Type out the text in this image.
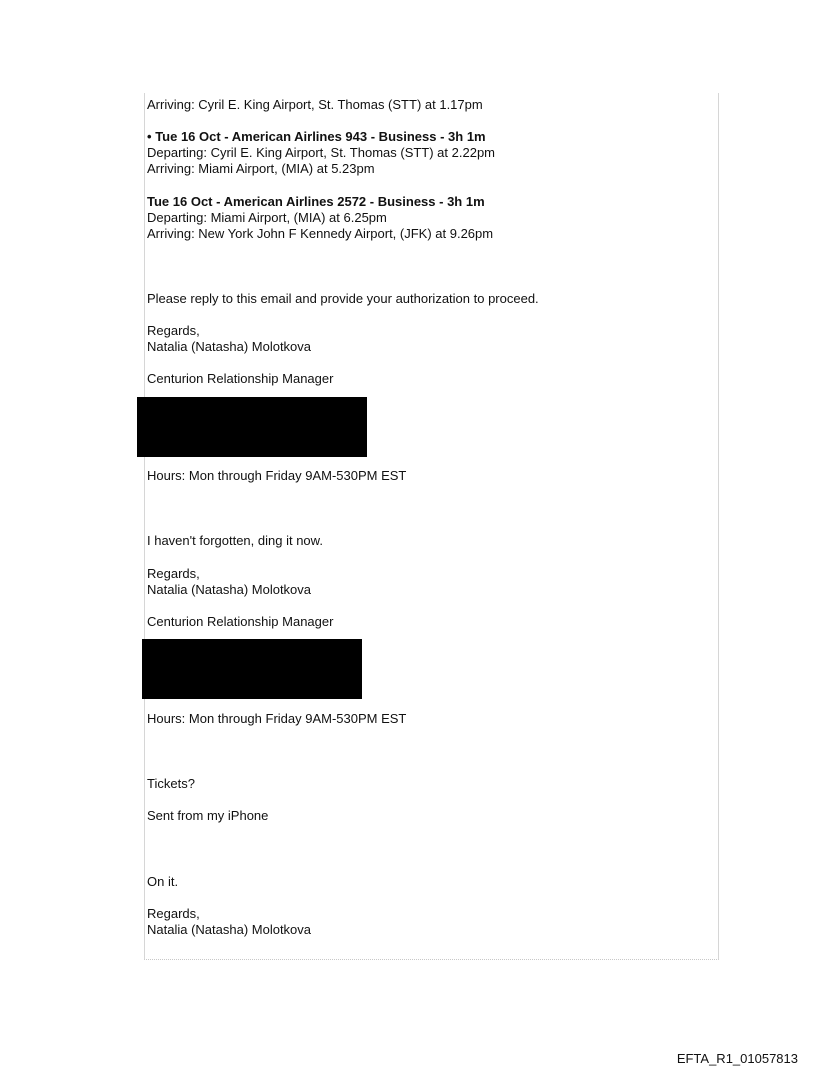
Arriving: Cyril E. King Airport, St. Thomas (STT) at 1.17pm
• Tue 16 Oct - American Airlines 943 - Business - 3h 1m
Departing: Cyril E. King Airport, St. Thomas (STT) at 2.22pm
Arriving: Miami Airport, (MIA) at 5.23pm
Tue 16 Oct - American Airlines 2572 - Business - 3h 1m
Departing: Miami Airport, (MIA) at 6.25pm
Arriving: New York John F Kennedy Airport, (JFK) at 9.26pm
Please reply to this email and provide your authorization to proceed.
Regards,
Natalia (Natasha) Molotkova
Centurion Relationship Manager
Hours: Mon through Friday 9AM-530PM EST
I haven't forgotten, ding it now.
Regards,
Natalia (Natasha) Molotkova
Centurion Relationship Manager
Hours: Mon through Friday 9AM-530PM EST
Tickets?
Sent from my iPhone
On it.
Regards,
Natalia (Natasha) Molotkova
EFTA_R1_01057813
